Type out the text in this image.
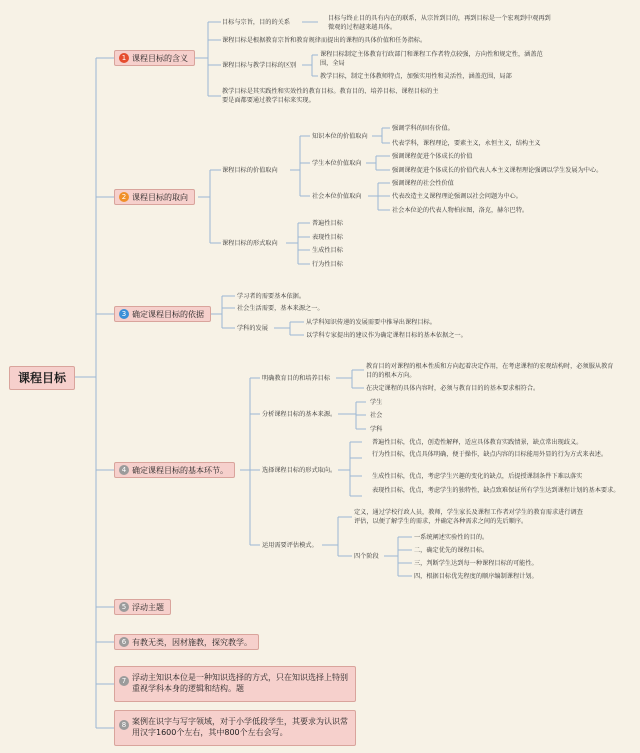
课程目标
1 课程目标的含义
2 课程目标的取向
3 确定课程目标的依据
4 确定课程目标的基本环节。
5 浮动主题
6 有教无类，因材施教，探究教学。
7 浮动主知识本位是一种知识选择的方式，只在知识选择上特别重视学科本身的逻辑和结构。题
8 案例在识字与写字领域，对于小学低段学生，其要求为认识常用汉字1600个左右，其中800个左右会写。
目标与宗旨，目的的关系
目标与终止目的具有内在的联系，从宗旨到目的，再到目标是一个宏观到中观再到微观的过程越来越具体。
课程目标是根据教育宗旨和教育规律而提出的课程的具体价值和任务指标。
课程目标与教学目标的区别
课程目标制定主体教育行政部门和课程工作者特点较强，方向性和规定性，涵盖范围，全局
教学目标，制定主体教师特点，加强实用性和灵活性，涵盖范围，局部
教学目标是其实践性和实效性的教育目标。教育目的、培养目标、课程目标的主要是面都要通过教学目标来实现。
课程目标的价值取向
知识本位的价值取向
强调学科的固有价值。
代表学科，课程理论，要素主义，永恒主义，结构主义
学生本位价值取向
强调课程促进个体成长的价值
强调课程促进个体成长的价值代表人本主义课程理论强调以学生发展为中心。
社会本位价值取向
强调课程的社会性价值
代表改造主义课程理论强调以社会问题为中心。
社会本位论的代表人物柏拉图，洛克，赫尔巴特。
课程目标的形式取向
普遍性目标
表现性目标
生成性目标
行为性目标
学习者的需要基本依据。
社会生活需要，基本来源之一。
学科的发展
从学科知识传递的发展需要中推导出课程目标。
以学科专家提出的建议作为确定课程目标的基本依据之一。
明确教育目的和培养目标
教育目的对课程的根本性质和方向起着决定作用，在考虑课程的宏观结构时，必须服从教育目的的根本方向。
在决定课程的具体内容时，必须与教育目的的基本要求相符合。
分析课程目标的基本来源。
学生
社会
学科
选择课程目标的形式取向。
普遍性目标，优点，创造性解释，适应具体教育实践情景，缺点常出现歧义。
行为性目标，优点具体明确，便于操作，缺点内容的目标能用外显的行为方式来表述。
生成性目标，优点，考虑学生兴趣的变化的缺点，后提授课制条件下难以落实
表现性目标，优点，考虑学生的独特性，缺点致难保证所有学生达到课程计划的基本要求。
运用需要评估模式。
定义，通过学校行政人员，教师，学生家长及课程工作者对学生的教育需求进行调查评估，以便了解学生的需求，并确定各种需求之间的先后顺序。
四个阶段
一系统阐述实验性的目的。
二，确定优先的课程目标。
三，判断学生达到每一种课程目标的可能性。
四，根据目标优先程度的顺序编制课程计划。
